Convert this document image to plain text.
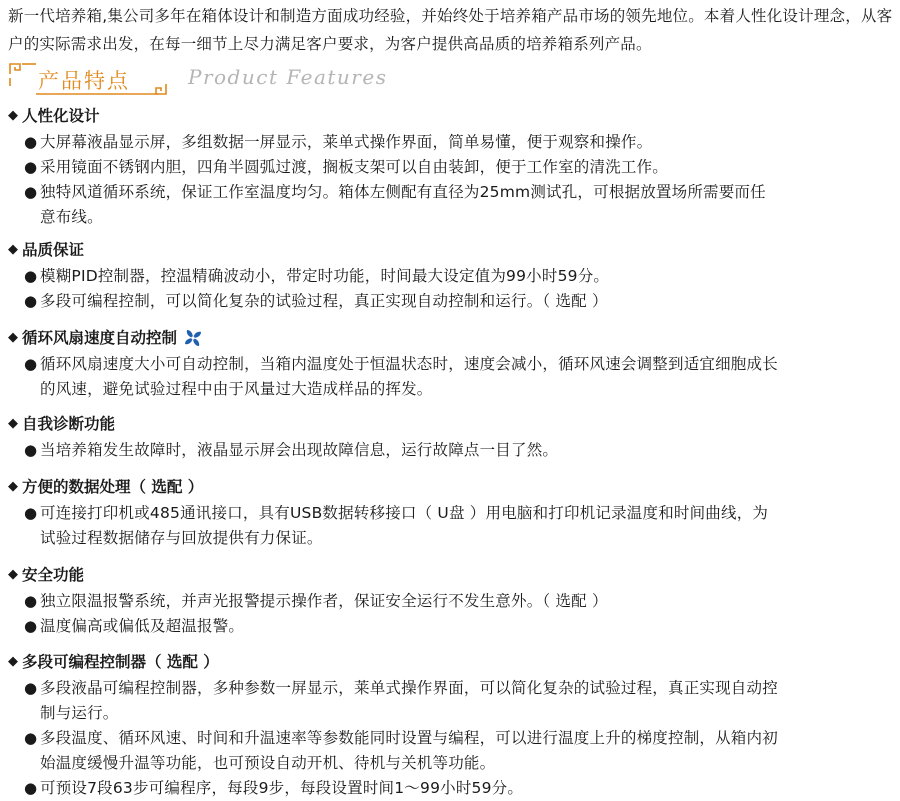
新一代培养箱,集公司多年在箱体设计和制造方面成功经验，并始终处于培养箱产品市场的领先地位。本着人性化设计理念，从客户的实际需求出发，在每一细节上尽力满足客户要求，为客户提供高品质的培养箱系列产品。
产品特点	Product Features
◆ 人性化设计
● 大屏幕液晶显示屏，多组数据一屏显示，莱单式操作界面，简单易懂，便于观察和操作。
● 采用镜面不锈钢内胆，四角半圆弧过渡，搁板支架可以自由装卸，便于工作室的清洗工作。
● 独特风道循环系统，保证工作室温度均匀。箱体左侧配有直径为25mm测试孔，可根据放置场所需要而任意布线。
◆ 品质保证
● 模糊PID控制器，控温精确波动小，带定时功能，时间最大设定值为99小时59分。
● 多段可编程控制，可以简化复杂的试验过程，真正实现自动控制和运行。（ 选配 ）
◆ 循环风扇速度自动控制
● 循环风扇速度大小可自动控制，当箱内温度处于恒温状态时，速度会减小，循环风速会调整到适宜细胞成长的风速，避免试验过程中由于风量过大造成样品的挥发。
◆ 自我诊断功能
● 当培养箱发生故障时，液晶显示屏会出现故障信息，运行故障点一目了然。
◆ 方便的数据处理（ 选配 ）
● 可连接打印机或485通讯接口，具有USB数据转移接口（ U盘 ）用电脑和打印机记录温度和时间曲线，为试验过程数据储存与回放提供有力保证。
◆ 安全功能
● 独立限温报警系统，并声光报警提示操作者，保证安全运行不发生意外。（ 选配 ）
● 温度偏高或偏低及超温报警。
◆ 多段可编程控制器（ 选配 ）
● 多段液晶可编程控制器，多种参数一屏显示，莱单式操作界面，可以简化复杂的试验过程，真正实现自动控制与运行。
● 多段温度、循环风速、时间和升温速率等参数能同时设置与编程，可以进行温度上升的梯度控制，从箱内初始温度缓慢升温等功能，也可预设自动开机、待机与关机等功能。
● 可预设7段63步可编程序，每段9步，每段设置时间1～99小时59分。
